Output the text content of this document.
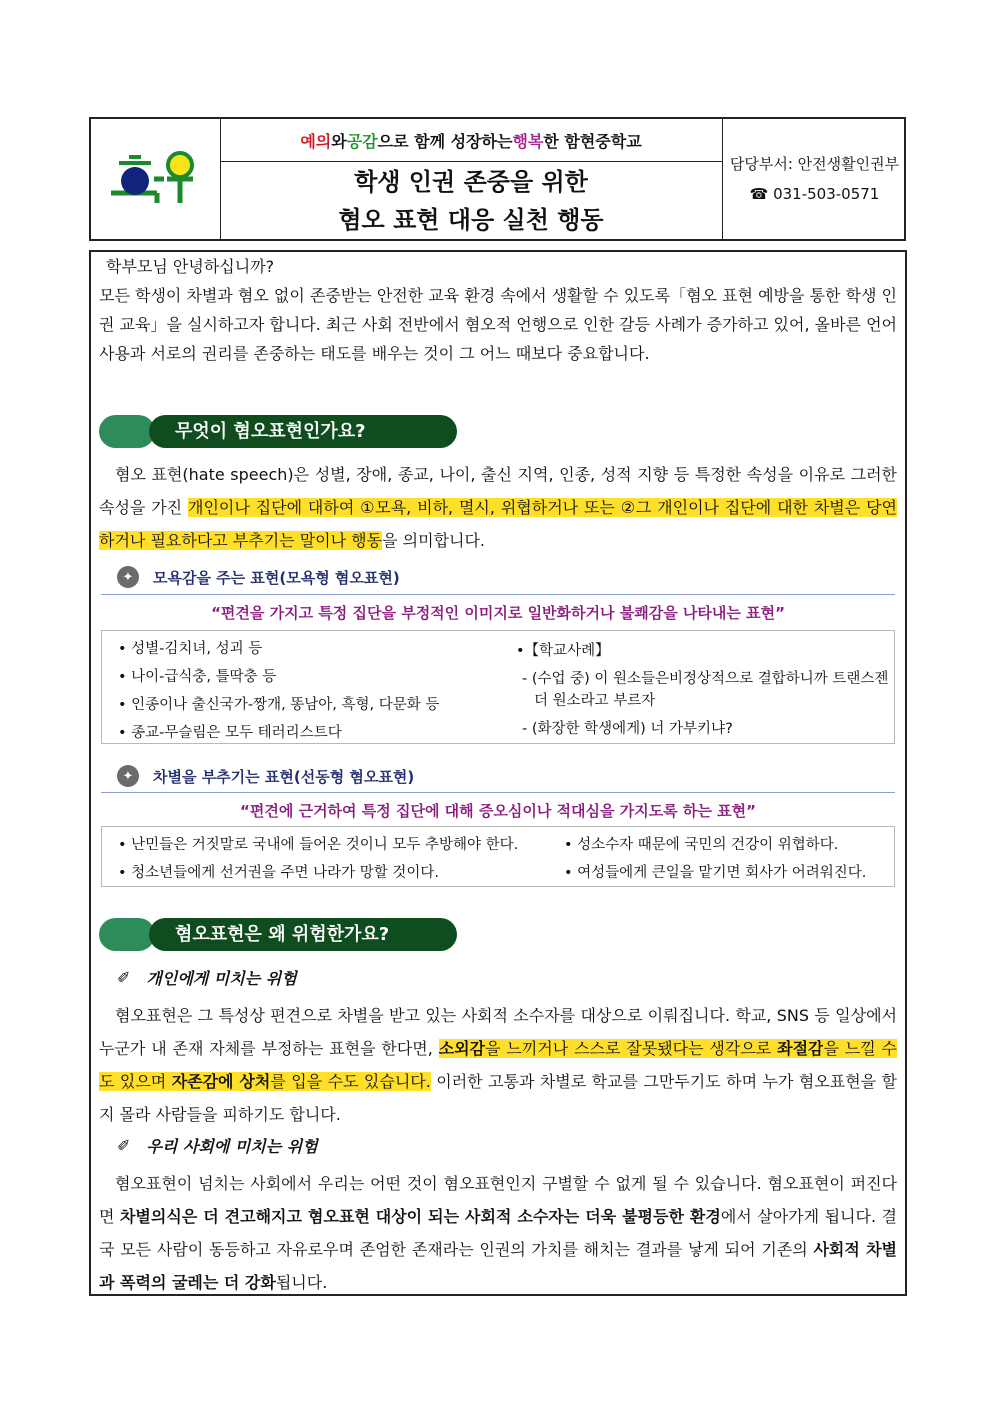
예의 와 공감 으로 함께 성장하는 행복 한 함현중학교
학생 인권 존중을 위한
혐오 표현 대응 실천 행동
담당부서: 안전생활인권부
☎ 031-503-0571
학부모님 안녕하십니까?
모든 학생이 차별과 혐오 없이 존중받는 안전한 교육 환경 속에서 생활할 수 있도록「혐오 표현 예방을 통한 학생 인권 교육」을 실시하고자 합니다. 최근 사회 전반에서 혐오적 언행으로 인한 갈등 사례가 증가하고 있어, 올바른 언어 사용과 서로의 권리를 존중하는 태도를 배우는 것이 그 어느 때보다 중요합니다.
무엇이 혐오표현인가요?
혐오 표현(hate speech)은 성별, 장애, 종교, 나이, 출신 지역, 인종, 성적 지향 등 특정한 속성을 이유로 그러한 속성을 가진 개인이나 집단에 대하여 ①모욕, 비하, 멸시, 위협하거나 또는 ②그 개인이나 집단에 대한 차별은 당연하거나 필요하다고 부추기는 말이나 행동을 의미합니다.
✦	모욕감을 주는 표현(모욕형 혐오표현)
“편견을 가지고 특정 집단을 부정적인 이미지로 일반화하거나 불쾌감을 나타내는 표현”
• 성별-김치녀, 성괴 등
• 나이-급식충, 틀딱충 등
• 인종이나 출신국가-짱개, 똥남아, 흑형, 다문화 등
• 종교-무슬림은 모두 테러리스트다
•【학교사례】
- (수업 중) 이 원소들은비정상적으로 결합하니까 트랜스젠
더 원소라고 부르자
- (화장한 학생에게) 너 가부키냐?
✦	차별을 부추기는 표현(선동형 혐오표현)
“편견에 근거하여 특정 집단에 대해 증오심이나 적대심을 가지도록 하는 표현”
• 난민들은 거짓말로 국내에 들어온 것이니 모두 추방해야 한다.	• 성소수자 때문에 국민의 건강이 위협하다.
• 청소년들에게 선거권을 주면 나라가 망할 것이다.	• 여성들에게 큰일을 맡기면 회사가 어려워진다.
혐오표현은 왜 위험한가요?
✐ 개인에게 미치는 위험
혐오표현은 그 특성상 편견으로 차별을 받고 있는 사회적 소수자를 대상으로 이뤄집니다. 학교, SNS 등 일상에서 누군가 내 존재 자체를 부정하는 표현을 한다면, 소외감을 느끼거나 스스로 잘못됐다는 생각으로 좌절감을 느낄 수도 있으며 자존감에 상처를 입을 수도 있습니다. 이러한 고통과 차별로 학교를 그만두기도 하며 누가 혐오표현을 할지 몰라 사람들을 피하기도 합니다.
✐ 우리 사회에 미치는 위험
혐오표현이 넘치는 사회에서 우리는 어떤 것이 혐오표현인지 구별할 수 없게 될 수 있습니다. 혐오표현이 퍼진다면 차별의식은 더 견고해지고 혐오표현 대상이 되는 사회적 소수자는 더욱 불평등한 환경에서 살아가게 됩니다. 결국 모든 사람이 동등하고 자유로우며 존엄한 존재라는 인권의 가치를 해치는 결과를 낳게 되어 기존의 사회적 차별과 폭력의 굴레는 더 강화됩니다.
